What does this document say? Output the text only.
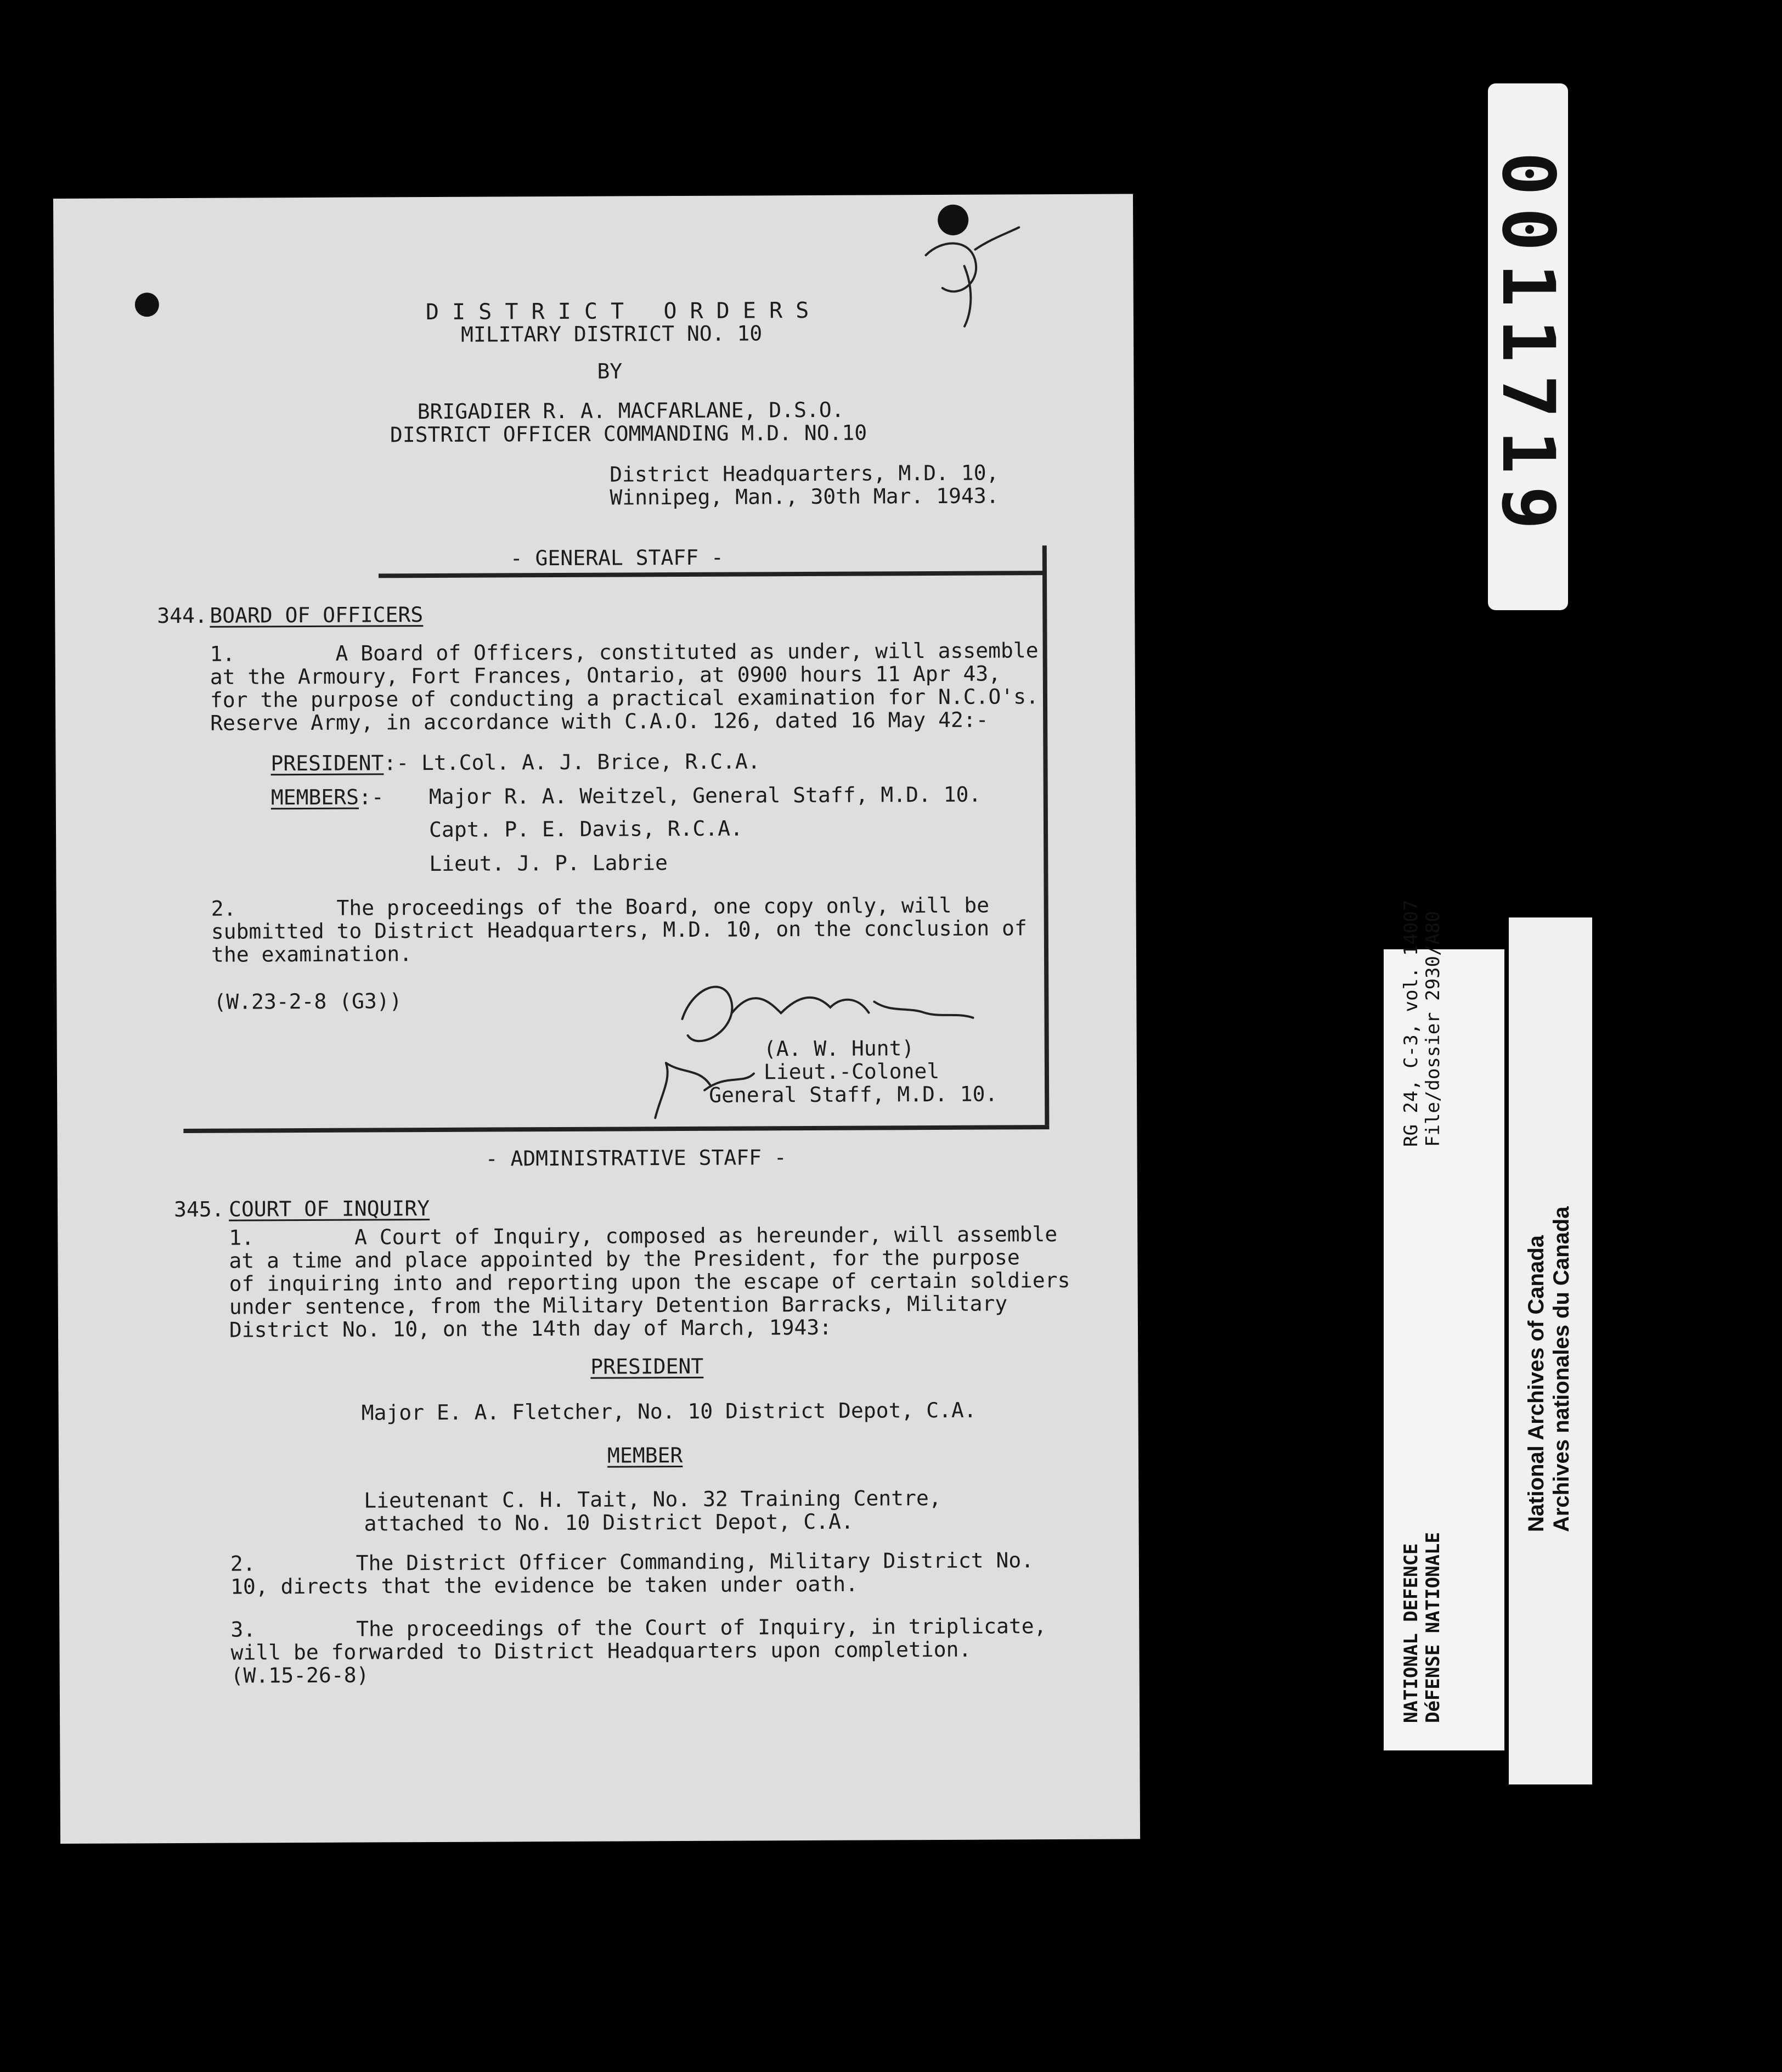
D I S T R I C T   O R D E R S
MILITARY DISTRICT NO. 10
BY
BRIGADIER R. A. MACFARLANE, D.S.O.
DISTRICT OFFICER COMMANDING M.D. NO.10
District Headquarters, M.D. 10,
Winnipeg, Man., 30th Mar. 1943.
- GENERAL STAFF -
344. BOARD OF OFFICERS
1.        A Board of Officers, constituted as under, will assemble
at the Armoury, Fort Frances, Ontario, at 0900 hours 11 Apr 43,
for the purpose of conducting a practical examination for N.C.O's.
Reserve Army, in accordance with C.A.O. 126, dated 16 May 42:-
PRESIDENT:- Lt.Col. A. J. Brice, R.C.A.
MEMBERS:- Major R. A. Weitzel, General Staff, M.D. 10.
Capt. P. E. Davis, R.C.A.
Lieut. J. P. Labrie
2.        The proceedings of the Board, one copy only, will be
submitted to District Headquarters, M.D. 10, on the conclusion of
the examination.
(W.23-2-8 (G3))
(A. W. Hunt)
Lieut.-Colonel
General Staff, M.D. 10.
- ADMINISTRATIVE STAFF -
345. COURT OF INQUIRY
1.        A Court of Inquiry, composed as hereunder, will assemble
at a time and place appointed by the President, for the purpose
of inquiring into and reporting upon the escape of certain soldiers
under sentence, from the Military Detention Barracks, Military
District No. 10, on the 14th day of March, 1943:
PRESIDENT
Major E. A. Fletcher, No. 10 District Depot, C.A.
MEMBER
Lieutenant C. H. Tait, No. 32 Training Centre,
attached to No. 10 District Depot, C.A.
2.        The District Officer Commanding, Military District No.
10, directs that the evidence be taken under oath.
3.        The proceedings of the Court of Inquiry, in triplicate,
will be forwarded to District Headquarters upon completion.
(W.15-26-8)
0011719
RG 24, C-3, vol. 14007 File/dossier 2930/A80
NATIONAL DEFENCE DéFENSE NATIONALE
National Archives of Canada Archives nationales du Canada
